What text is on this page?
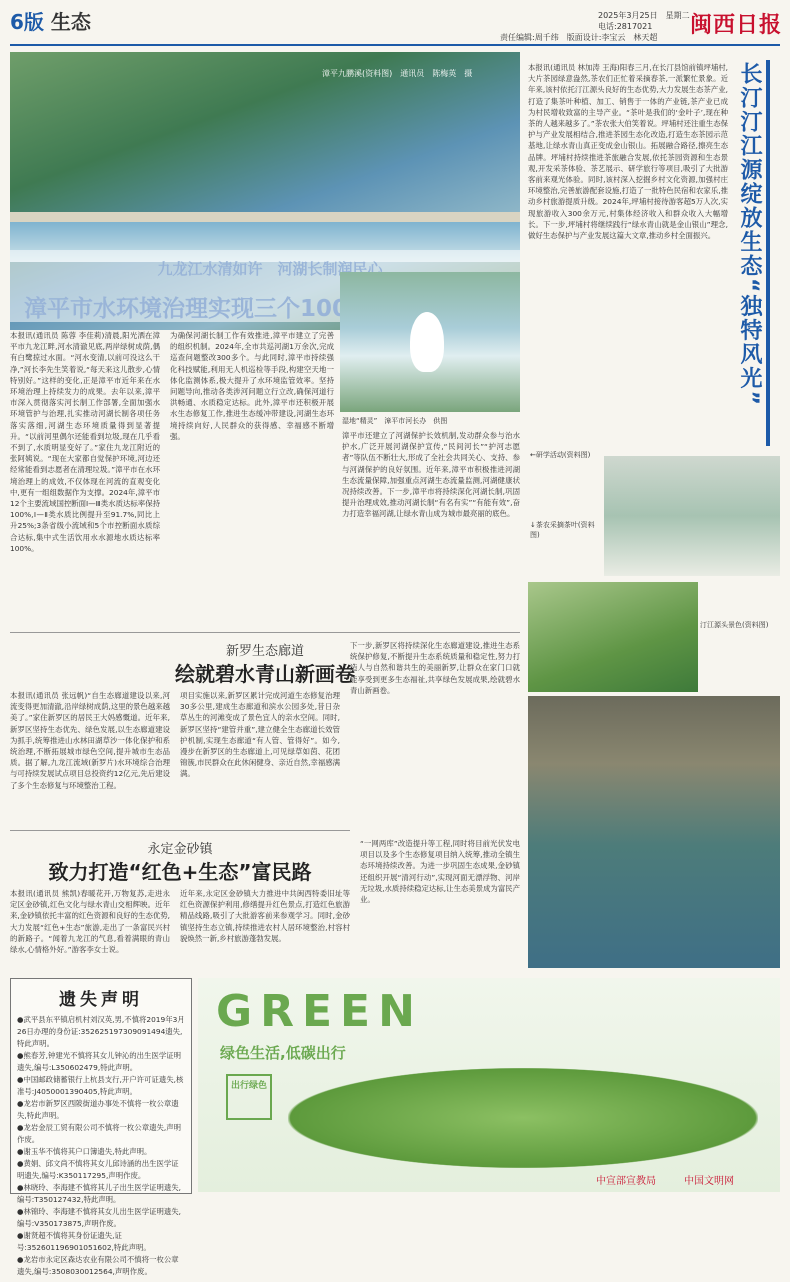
6版 生态	2025年3月25日　星期二
电话:2817021
责任编辑:周千纬　版面设计:李宝云　林天超 闽西日报
漳平九鹏溪(资料图)　通讯员　陈梅英　摄
湿地“精灵”　漳平市河长办　供图
本报讯(通讯员 陈蓉 李佳莉)清晨,阳光洒在漳平市九龙江畔,河水清澈见底,两岸绿树成荫,偶有白鹭掠过水面。“河水变清,以前可没这么干净,”河长李先生笑着说,“每天来这儿散步,心情特别好。”这样的变化,正是漳平市近年来在水环境治理上持续发力的成果。去年以来,漳平市深入贯彻落实河长制工作部署,全面加强水环境管护与治理,扎实推动河湖长制各项任务落实落细,河湖生态环境质量得到显著提升。“以前河里偶尔还能看到垃圾,现在几乎看不到了,水质明显变好了。”家住九龙江附近的张阿姨说。“现在大家都自觉保护环境,河边还经常能看到志愿者在清理垃圾。”漳平市在水环境治理上的成效,不仅体现在河流的直观变化中,更有一组组数据作为支撑。2024年,漳平市12个主要流域国控断面Ⅰ—Ⅲ类水质达标率保持100%,Ⅰ—Ⅱ类水质比例提升至91.7%,同比上升25%;3条省级小流域和5个市控断面水质综合达标,集中式生活饮用水水源地水质达标率100%。
为确保河湖长制工作有效推进,漳平市建立了完善的组织机制。2024年,全市共巡河湖1万余次,完成巡查问题整改300多个。与此同时,漳平市持续强化科技赋能,利用无人机巡检等手段,构建空天地一体化监测体系,极大提升了水环境监管效率。坚持问题导向,推动各类涉河问题立行立改,确保河道行洪畅通、水质稳定达标。此外,漳平市还积极开展水生态修复工作,推进生态缓冲带建设,河湖生态环境持续向好,人民群众的获得感、幸福感不断增强。	漳平市还建立了河湖保护长效机制,发动群众参与治水护水,广泛开展河湖保护宣传,“民间河长”“护河志愿者”等队伍不断壮大,形成了全社会共同关心、支持、参与河湖保护的良好氛围。近年来,漳平市积极推进河湖生态流量保障,加强重点河湖生态流量监测,河湖健康状况持续改善。下一步,漳平市将持续深化河湖长制,巩固提升治理成效,推动河湖长制“有名有实”“有能有效”,奋力打造幸福河湖,让绿水青山成为城市最亮丽的底色。
新罗生态廊道
绘就碧水青山新画卷
本报讯(通讯员 张远帆)“自生态廊道建设以来,河流变得更加清澈,沿岸绿树成荫,这里的景色越来越美了。”家住新罗区的居民王大妈感慨道。近年来,新罗区坚持生态优先、绿色发展,以生态廊道建设为抓手,统筹推进山水林田湖草沙一体化保护和系统治理,不断拓展城市绿色空间,提升城市生态品质。据了解,九龙江流域(新罗片)水环境综合治理与可持续发展试点项目总投资约12亿元,先后建设了多个生态修复与环境整治工程。
项目实施以来,新罗区累计完成河道生态修复治理30多公里,建成生态廊道和滨水公园多处,昔日杂草丛生的河滩变成了景色宜人的亲水空间。同时,新罗区坚持“建管并重”,建立健全生态廊道长效管护机制,实现生态廊道“有人管、管得好”。如今,漫步在新罗区的生态廊道上,可见绿草如茵、花团锦簇,市民群众在此休闲健身、亲近自然,幸福感满满。
下一步,新罗区将持续深化生态廊道建设,推进生态系统保护修复,不断提升生态系统质量和稳定性,努力打造人与自然和谐共生的美丽新罗,让群众在家门口就能享受到更多生态福祉,共享绿色发展成果,绘就碧水青山新画卷。
永定金砂镇
致力打造“红色+生态”富民路
本报讯(通讯员 熊凯)春暖花开,万物复苏,走进永定区金砂镇,红色文化与绿水青山交相辉映。近年来,金砂镇依托丰富的红色资源和良好的生态优势,大力发展“红色+生态”旅游,走出了一条富民兴村的新路子。“闻着九龙江的气息,看着满眼的青山绿水,心情格外好。”游客李女士说。
近年来,永定区金砂镇大力推进中共闽西特委旧址等红色资源保护利用,修缮提升红色景点,打造红色旅游精品线路,吸引了大批游客前来参观学习。同时,金砂镇坚持生态立镇,持续推进农村人居环境整治,村容村貌焕然一新,乡村旅游蓬勃发展。
“一网两库”改造提升等工程,同时将目前光伏发电项目以及多个生态修复项目纳入统筹,推动全镇生态环境持续改善。为进一步巩固生态成果,金砂镇还组织开展“清河行动”,实现河面无漂浮物、河岸无垃圾,水质持续稳定达标,让生态美景成为富民产业。
长汀汀江源绽放生态“独特风光”
本报讯(通讯员 林加涛 王海)阳春三月,在长汀县馆前镇坪埔村,大片茶园绿意盎然,茶农们正忙着采摘春茶,一派繁忙景象。近年来,该村依托汀江源头良好的生态优势,大力发展生态茶产业,打造了集茶叶种植、加工、销售于一体的产业链,茶产业已成为村民增收致富的主导产业。“茶叶是我们的‘金叶子’,现在种茶的人越来越多了。”茶农张大伯笑着说。坪埔村还注重生态保护与产业发展相结合,推进茶园生态化改造,打造生态茶园示范基地,让绿水青山真正变成金山银山。拓展融合路径,擦亮生态品牌。坪埔村持续推进茶旅融合发展,依托茶园资源和生态景观,开发采茶体验、茶艺展示、研学旅行等项目,吸引了大批游客前来观光体验。同时,该村深入挖掘乡村文化资源,加强村庄环境整治,完善旅游配套设施,打造了一批特色民宿和农家乐,推动乡村旅游提质升级。2024年,坪埔村接待游客超5万人次,实现旅游收入300余万元,村集体经济收入和群众收入大幅增长。下一步,坪埔村将继续践行“绿水青山就是金山银山”理念,做好生态保护与产业发展这篇大文章,推动乡村全面振兴。
←研学活动(资料图)
↓茶农采摘茶叶(资料图)
汀江源头景色(资料图)
遗失声明
●武平县东平镇启机村刘汉英,男,不慎将2019年3月26日办理的身份证:352625197309091494遗失,特此声明。
●熊春芳,钟建光不慎将其女儿钟沁的出生医学证明遗失,编号:L350602479,特此声明。
●中国邮政储蓄银行上杭县支行,开户许可证遗失,核准号:J4050001390405,特此声明。
●龙岩市新罗区西陂街道办事处不慎将一枚公章遗失,特此声明。
●龙岩金辰工贸有限公司不慎将一枚公章遗失,声明作废。
●谢玉华不慎将其户口簿遗失,特此声明。
●黄娟、邱文尚不慎将其女儿邱诗涵的出生医学证明遗失,编号:K350117295,声明作废。
●林晓玲、李海建不慎将其儿子出生医学证明遗失,编号:T350127432,特此声明。
●林锦玲、李海建不慎将其女儿出生医学证明遗失,编号:V350173875,声明作废。
●谢贤超不慎将其身份证遗失,证号:352601196901051602,特此声明。
●龙岩市永定区森达农业有限公司不慎将一枚公章遗失,编号:3508030012564,声明作废。
GREEN
绿色生活,低碳出行
出行绿色
中宣部宣教局	中国文明网
